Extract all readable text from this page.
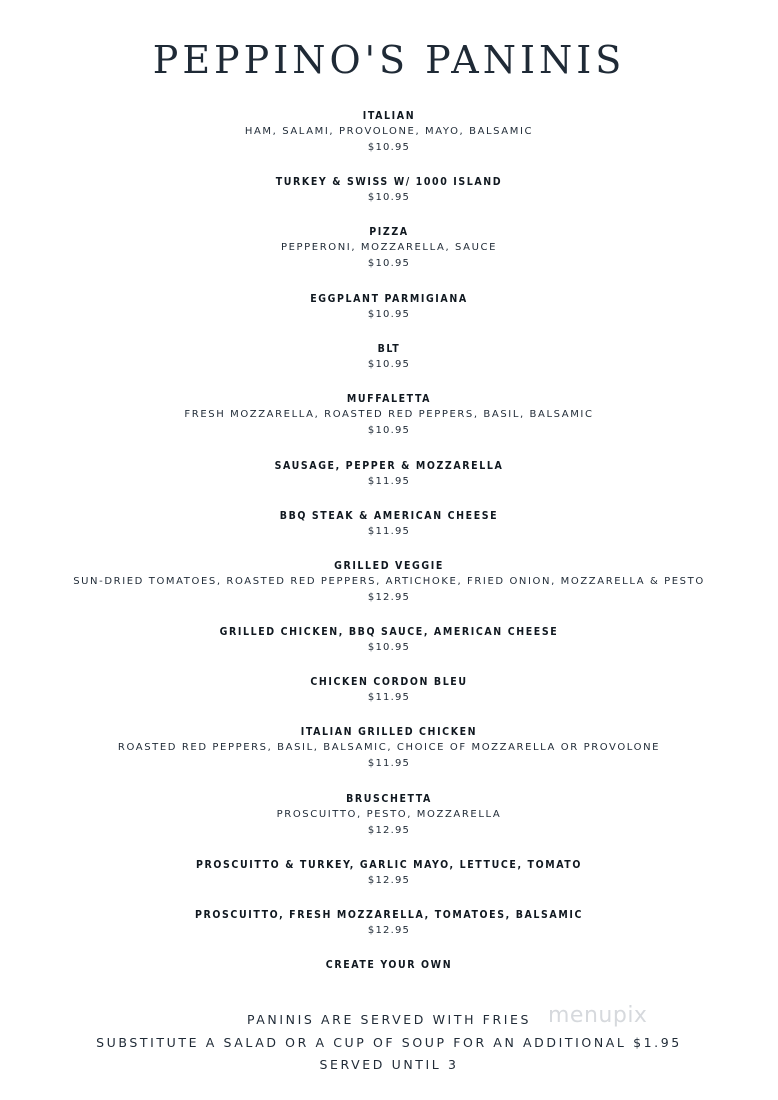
PEPPINO'S PANINIS
ITALIAN
HAM, SALAMI, PROVOLONE, MAYO, BALSAMIC
$10.95
TURKEY & SWISS W/ 1000 ISLAND
$10.95
PIZZA
PEPPERONI, MOZZARELLA, SAUCE
$10.95
EGGPLANT PARMIGIANA
$10.95
BLT
$10.95
MUFFALETTA
FRESH MOZZARELLA, ROASTED RED PEPPERS, BASIL, BALSAMIC
$10.95
SAUSAGE, PEPPER & MOZZARELLA
$11.95
BBQ STEAK & AMERICAN CHEESE
$11.95
GRILLED VEGGIE
SUN-DRIED TOMATOES, ROASTED RED PEPPERS, ARTICHOKE, FRIED ONION, MOZZARELLA & PESTO
$12.95
GRILLED CHICKEN, BBQ SAUCE, AMERICAN CHEESE
$10.95
CHICKEN CORDON BLEU
$11.95
ITALIAN GRILLED CHICKEN
ROASTED RED PEPPERS, BASIL, BALSAMIC, CHOICE OF MOZZARELLA OR PROVOLONE
$11.95
BRUSCHETTA
PROSCUITTO, PESTO, MOZZARELLA
$12.95
PROSCUITTO & TURKEY, GARLIC MAYO, LETTUCE, TOMATO
$12.95
PROSCUITTO, FRESH MOZZARELLA, TOMATOES, BALSAMIC
$12.95
CREATE YOUR OWN
PANINIS ARE SERVED WITH FRIES
SUBSTITUTE A SALAD OR A CUP OF SOUP FOR AN ADDITIONAL $1.95
SERVED UNTIL 3
menupix
